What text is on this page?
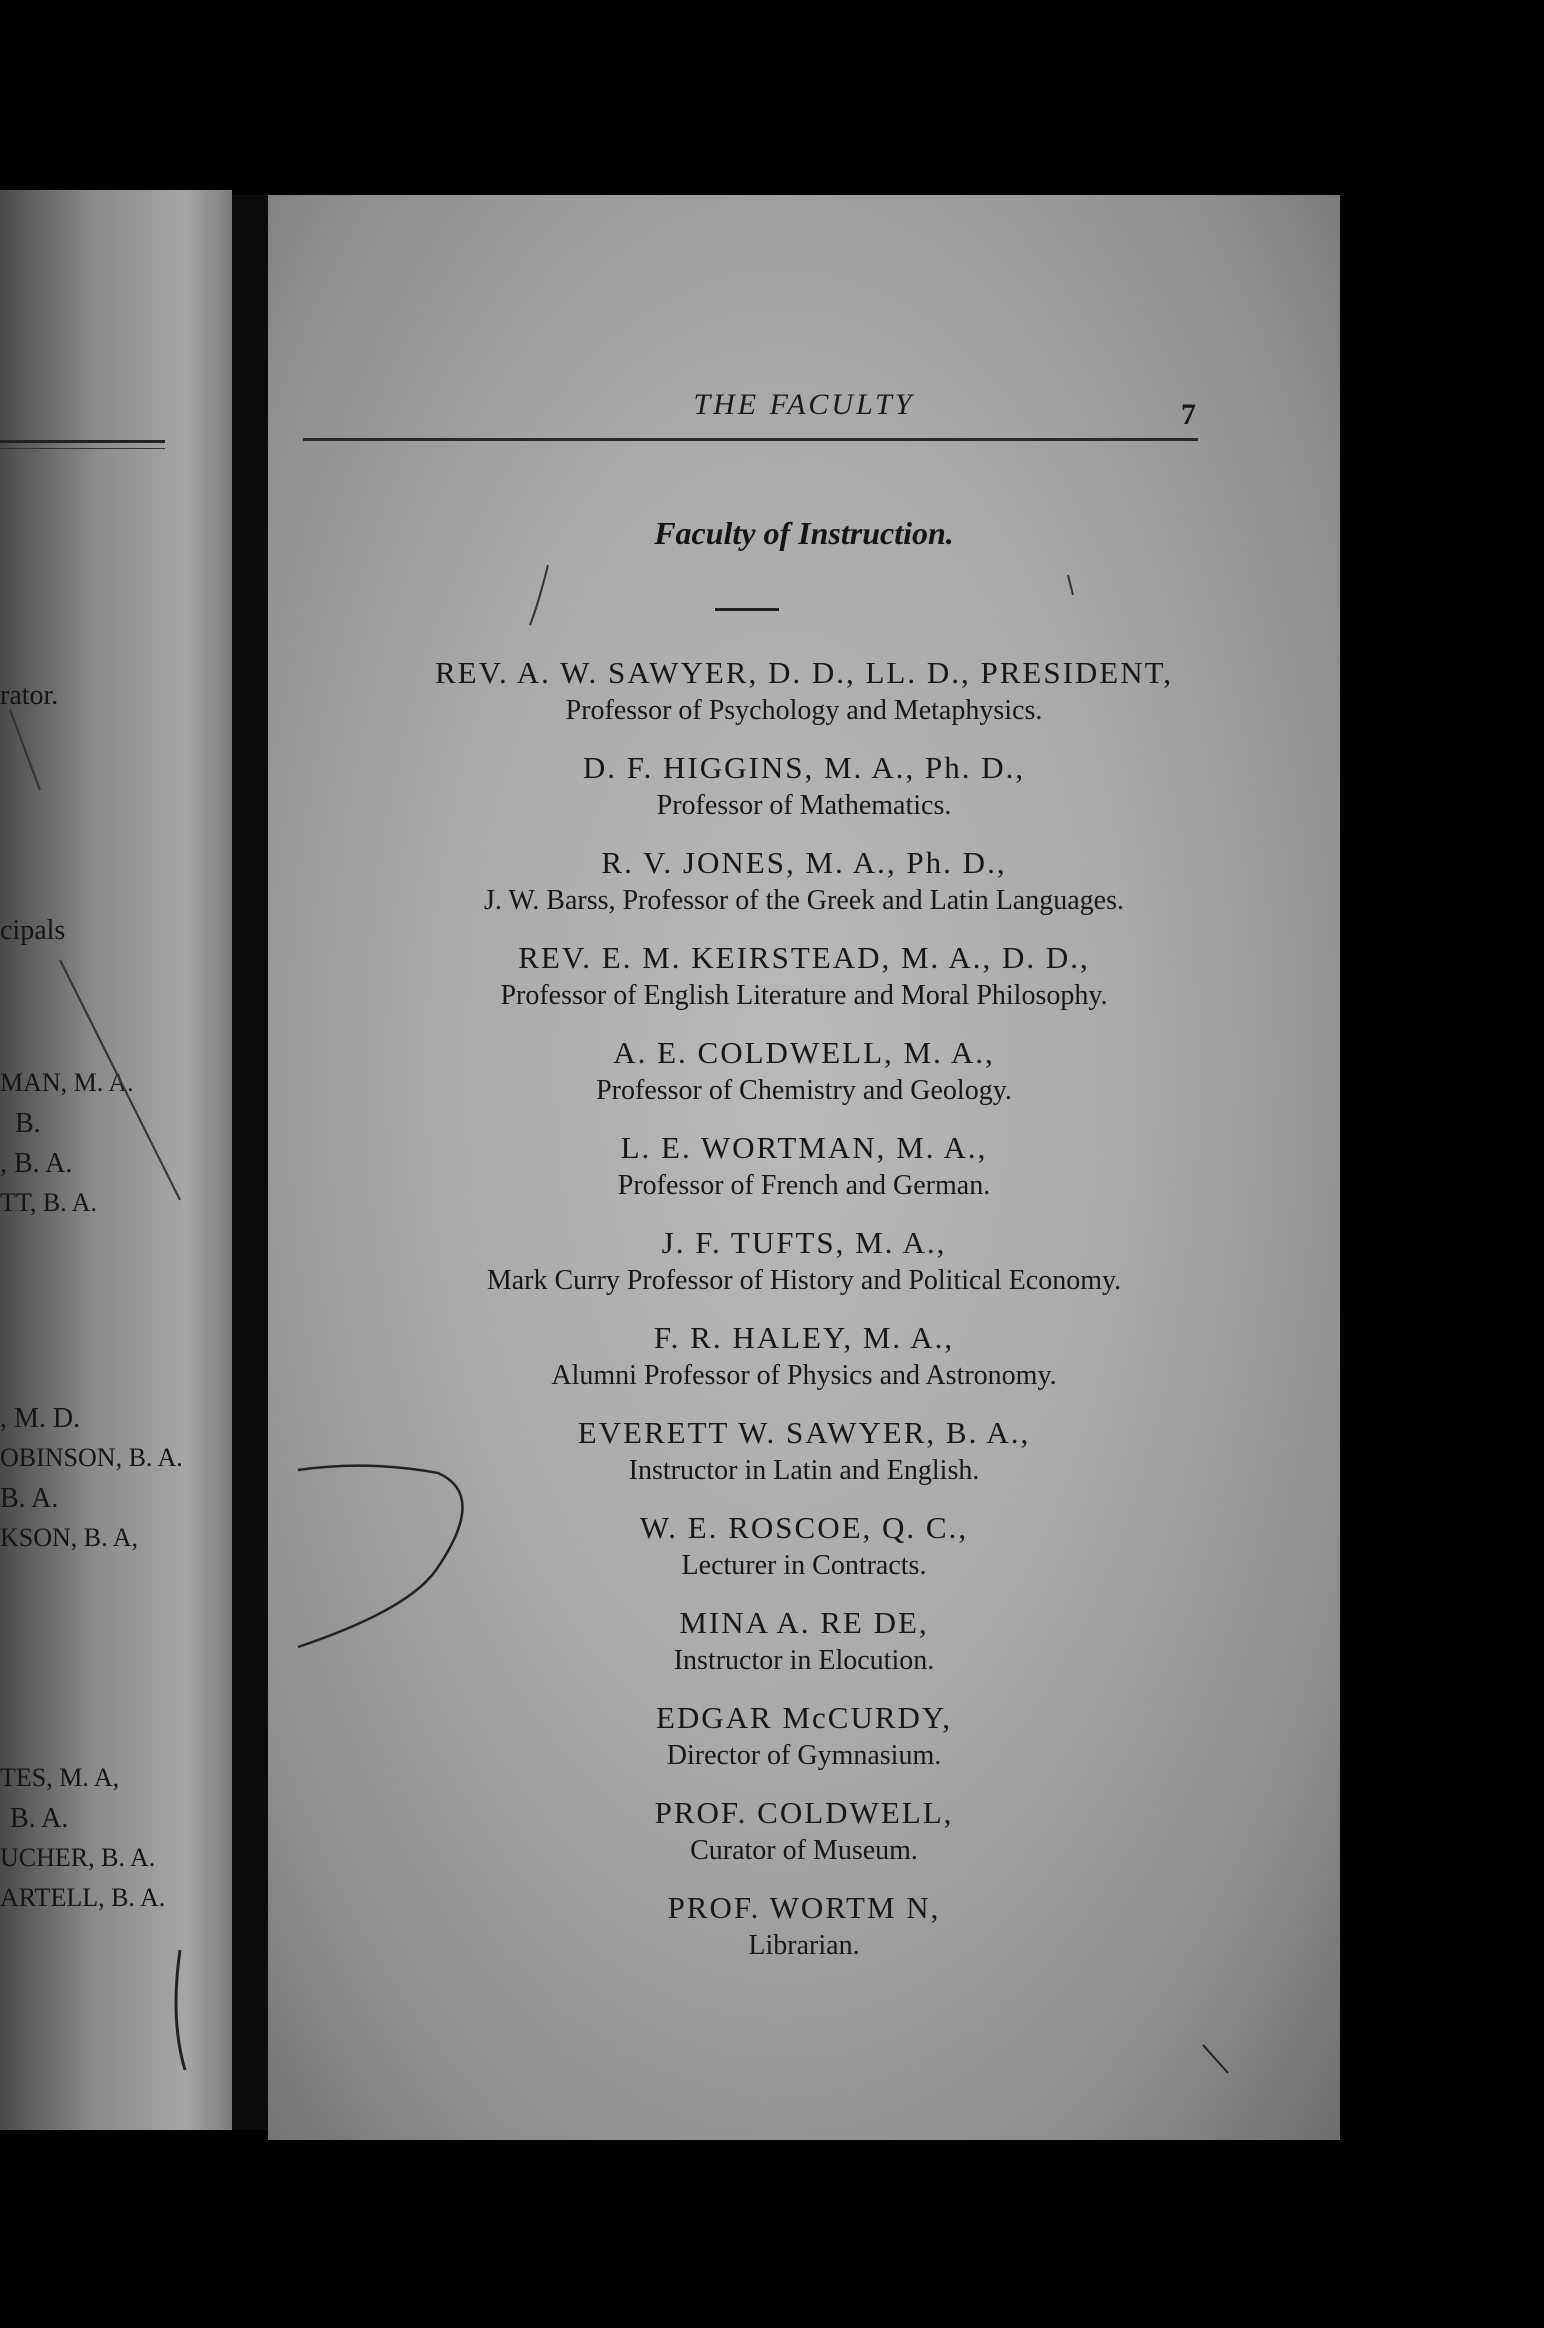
rator.
cipals
MAN, M. A.
B.
, B. A.
TT, B. A.
, M. D.
OBINSON, B. A.
B. A.
KSON, B. A,
TES, M. A,
B. A.
UCHER, B. A.
ARTELL, B. A.
THE FACULTY	7
Faculty of Instruction.
REV. A. W. SAWYER, D. D., LL. D., PRESIDENT,
Professor of Psychology and Metaphysics.
D. F. HIGGINS, M. A., Ph. D.,
Professor of Mathematics.
R. V. JONES, M. A., Ph. D.,
J. W. Barss, Professor of the Greek and Latin Languages.
REV. E. M. KEIRSTEAD, M. A., D. D.,
Professor of English Literature and Moral Philosophy.
A. E. COLDWELL, M. A.,
Professor of Chemistry and Geology.
L. E. WORTMAN, M. A.,
Professor of French and German.
J. F. TUFTS, M. A.,
Mark Curry Professor of History and Political Economy.
F. R. HALEY, M. A.,
Alumni Professor of Physics and Astronomy.
EVERETT W. SAWYER, B. A.,
Instructor in Latin and English.
W. E. ROSCOE, Q. C.,
Lecturer in Contracts.
MINA A. RE DE,
Instructor in Elocution.
EDGAR McCURDY,
Director of Gymnasium.
PROF. COLDWELL,
Curator of Museum.
PROF. WORTM N,
Librarian.
